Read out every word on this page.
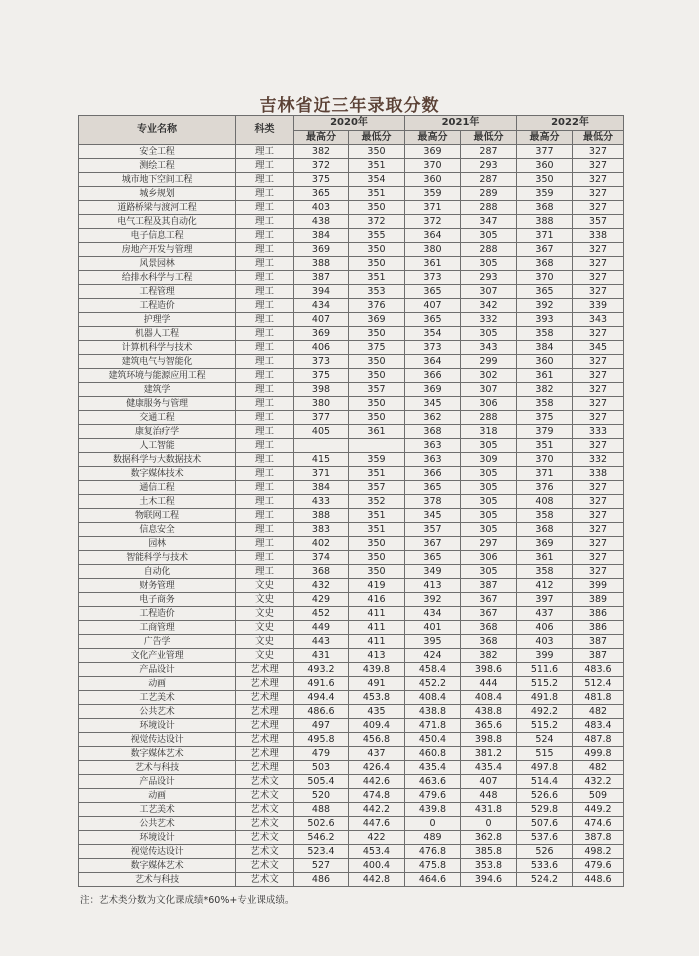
吉林省近三年录取分数
专业名称	科类	2020年		2021年		2022年	
		最高分	最低分	最高分	最低分	最高分	最低分
安全工程	理工	382	350	369	287	377	327
测绘工程	理工	372	351	370	293	360	327
城市地下空间工程	理工	375	354	360	287	350	327
城乡规划	理工	365	351	359	289	359	327
道路桥梁与渡河工程	理工	403	350	371	288	368	327
电气工程及其自动化	理工	438	372	372	347	388	357
电子信息工程	理工	384	355	364	305	371	338
房地产开发与管理	理工	369	350	380	288	367	327
风景园林	理工	388	350	361	305	368	327
给排水科学与工程	理工	387	351	373	293	370	327
工程管理	理工	394	353	365	307	365	327
工程造价	理工	434	376	407	342	392	339
护理学	理工	407	369	365	332	393	343
机器人工程	理工	369	350	354	305	358	327
计算机科学与技术	理工	406	375	373	343	384	345
建筑电气与智能化	理工	373	350	364	299	360	327
建筑环境与能源应用工程	理工	375	350	366	302	361	327
建筑学	理工	398	357	369	307	382	327
健康服务与管理	理工	380	350	345	306	358	327
交通工程	理工	377	350	362	288	375	327
康复治疗学	理工	405	361	368	318	379	333
人工智能	理工			363	305	351	327
数据科学与大数据技术	理工	415	359	363	309	370	332
数字媒体技术	理工	371	351	366	305	371	338
通信工程	理工	384	357	365	305	376	327
土木工程	理工	433	352	378	305	408	327
物联网工程	理工	388	351	345	305	358	327
信息安全	理工	383	351	357	305	368	327
园林	理工	402	350	367	297	369	327
智能科学与技术	理工	374	350	365	306	361	327
自动化	理工	368	350	349	305	358	327
财务管理	文史	432	419	413	387	412	399
电子商务	文史	429	416	392	367	397	389
工程造价	文史	452	411	434	367	437	386
工商管理	文史	449	411	401	368	406	386
广告学	文史	443	411	395	368	403	387
文化产业管理	文史	431	413	424	382	399	387
产品设计	艺术理	493.2	439.8	458.4	398.6	511.6	483.6
动画	艺术理	491.6	491	452.2	444	515.2	512.4
工艺美术	艺术理	494.4	453.8	408.4	408.4	491.8	481.8
公共艺术	艺术理	486.6	435	438.8	438.8	492.2	482
环境设计	艺术理	497	409.4	471.8	365.6	515.2	483.4
视觉传达设计	艺术理	495.8	456.8	450.4	398.8	524	487.8
数字媒体艺术	艺术理	479	437	460.8	381.2	515	499.8
艺术与科技	艺术理	503	426.4	435.4	435.4	497.8	482
产品设计	艺术文	505.4	442.6	463.6	407	514.4	432.2
动画	艺术文	520	474.8	479.6	448	526.6	509
工艺美术	艺术文	488	442.2	439.8	431.8	529.8	449.2
公共艺术	艺术文	502.6	447.6	0	0	507.6	474.6
环境设计	艺术文	546.2	422	489	362.8	537.6	387.8
视觉传达设计	艺术文	523.4	453.4	476.8	385.8	526	498.2
数字媒体艺术	艺术文	527	400.4	475.8	353.8	533.6	479.6
艺术与科技	艺术文	486	442.8	464.6	394.6	524.2	448.6
注：艺术类分数为文化课成绩*60%+专业课成绩。
